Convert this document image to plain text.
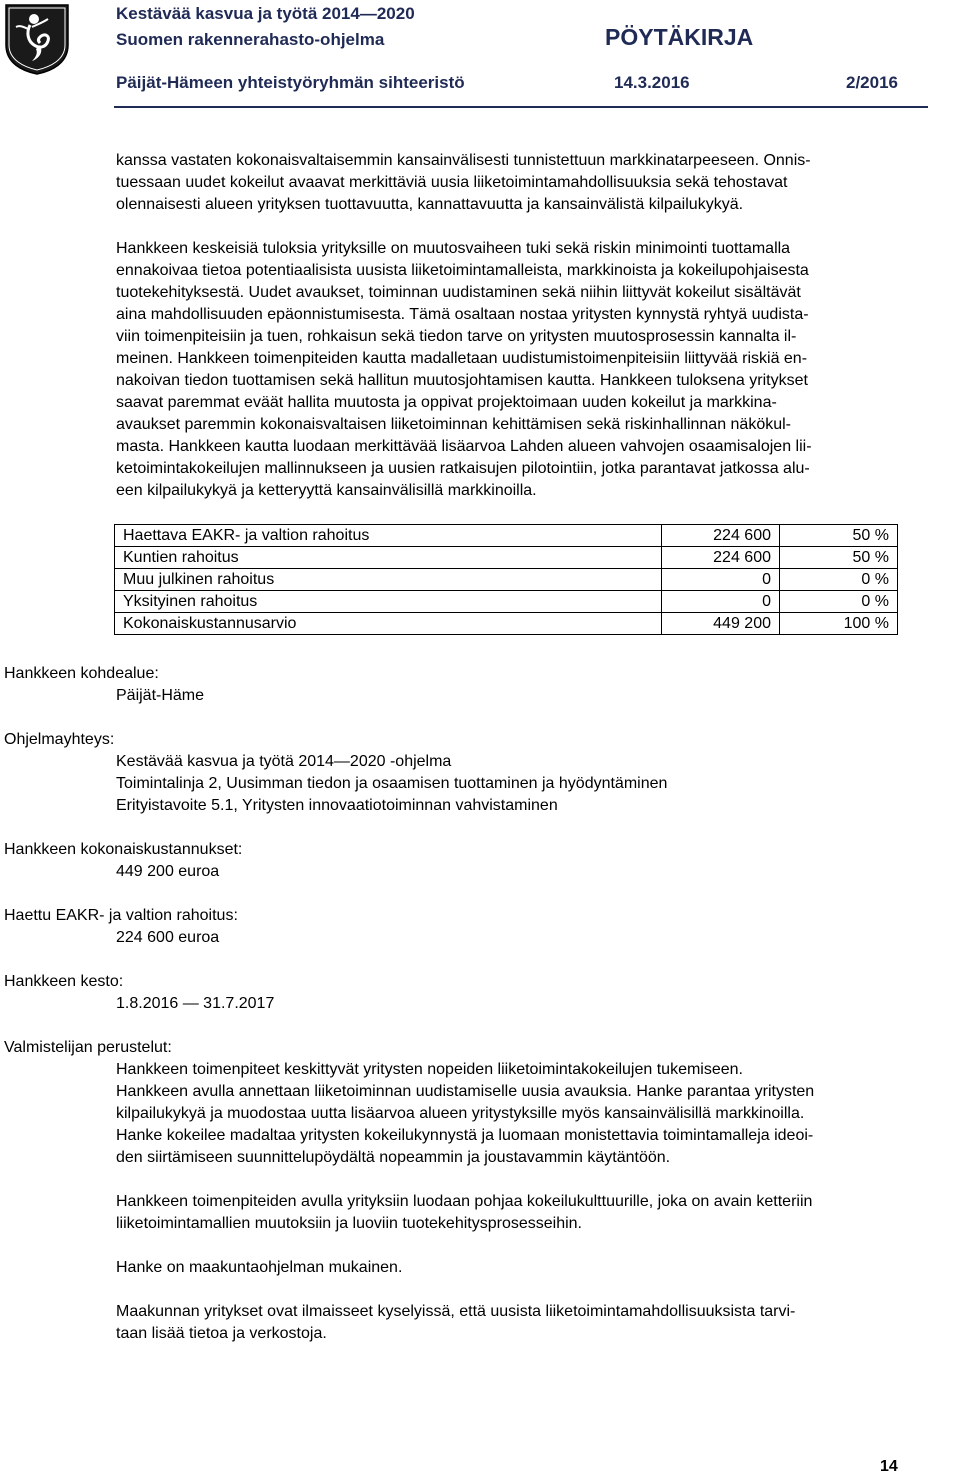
Kestävää kasvua ja työtä 2014—2020
Suomen rakennerahasto-ohjelma	PÖYTÄKIRJA
Päijät-Hämeen yhteistyöryhmän sihteeristö	14.3.2016	2/2016

kanssa vastaten kokonaisvaltaisemmin kansainvälisesti tunnistettuun markkinatarpeeseen. Onnis-
tuessaan uudet kokeilut avaavat merkittäviä uusia liiketoimintamahdollisuuksia sekä tehostavat
olennaisesti alueen yrityksen tuottavuutta, kannattavuutta ja kansainvälistä kilpailukykyä.

Hankkeen keskeisiä tuloksia yrityksille on muutosvaiheen tuki sekä riskin minimointi tuottamalla
ennakoivaa tietoa potentiaalisista uusista liiketoimintamalleista, markkinoista ja kokeilupohjaisesta
tuotekehityksestä. Uudet avaukset, toiminnan uudistaminen sekä niihin liittyvät kokeilut sisältävät
aina mahdollisuuden epäonnistumisesta. Tämä osaltaan nostaa yritysten kynnystä ryhtyä uudista-
viin toimenpiteisiin ja tuen, rohkaisun sekä tiedon tarve on yritysten muutosprosessin kannalta il-
meinen. Hankkeen toimenpiteiden kautta madalletaan uudistumistoimenpiteisiin liittyvää riskiä en-
nakoivan tiedon tuottamisen sekä hallitun muutosjohtamisen kautta. Hankkeen tuloksena yritykset
saavat paremmat eväät hallita muutosta ja oppivat projektoimaan uuden kokeilut ja markkina-
avaukset paremmin kokonaisvaltaisen liiketoiminnan kehittämisen sekä riskinhallinnan näkökul-
masta. Hankkeen kautta luodaan merkittävää lisäarvoa Lahden alueen vahvojen osaamisalojen lii-
ketoimintakokeilujen mallinnukseen ja uusien ratkaisujen pilotointiin, jotka parantavat jatkossa alu-
een kilpailukykyä ja ketteryyttä kansainvälisillä markkinoilla.

Haettava EAKR- ja valtion rahoitus	224 600	50 %
Kuntien rahoitus	224 600	50 %
Muu julkinen rahoitus	0	0 %
Yksityinen rahoitus	0	0 %
Kokonaiskustannusarvio	449 200	100 %
Hankkeen kohdealue:
Päijät-Häme
Ohjelmayhteys:
Kestävää kasvua ja työtä 2014—2020 -ohjelma
Toimintalinja 2, Uusimman tiedon ja osaamisen tuottaminen ja hyödyntäminen
Erityistavoite 5.1, Yritysten innovaatiotoiminnan vahvistaminen
Hankkeen kokonaiskustannukset:
449 200 euroa
Haettu EAKR- ja valtion rahoitus:
224 600 euroa
Hankkeen kesto:
1.8.2016 — 31.7.2017
Valmistelijan perustelut:

Hankkeen toimenpiteet keskittyvät yritysten nopeiden liiketoimintakokeilujen tukemiseen.
Hankkeen avulla annettaan liiketoiminnan uudistamiselle uusia avauksia. Hanke parantaa yritysten
kilpailukykyä ja muodostaa uutta lisäarvoa alueen yritystyksille myös kansainvälisillä markkinoilla.
Hanke kokeilee madaltaa yritysten kokeilukynnystä ja luomaan monistettavia toimintamalleja ideoi-
den siirtämiseen suunnittelupöydältä nopeammin ja joustavammin käytäntöön.

Hankkeen toimenpiteiden avulla yrityksiin luodaan pohjaa kokeilukulttuurille, joka on avain ketteriin
liiketoimintamallien muutoksiin ja luoviin tuotekehitysprosesseihin.

Hanke on maakuntaohjelman mukainen.

Maakunnan yritykset ovat ilmaisseet kyselyissä, että uusista liiketoimintamahdollisuuksista tarvi-
taan lisää tietoa ja verkostoja.

14
